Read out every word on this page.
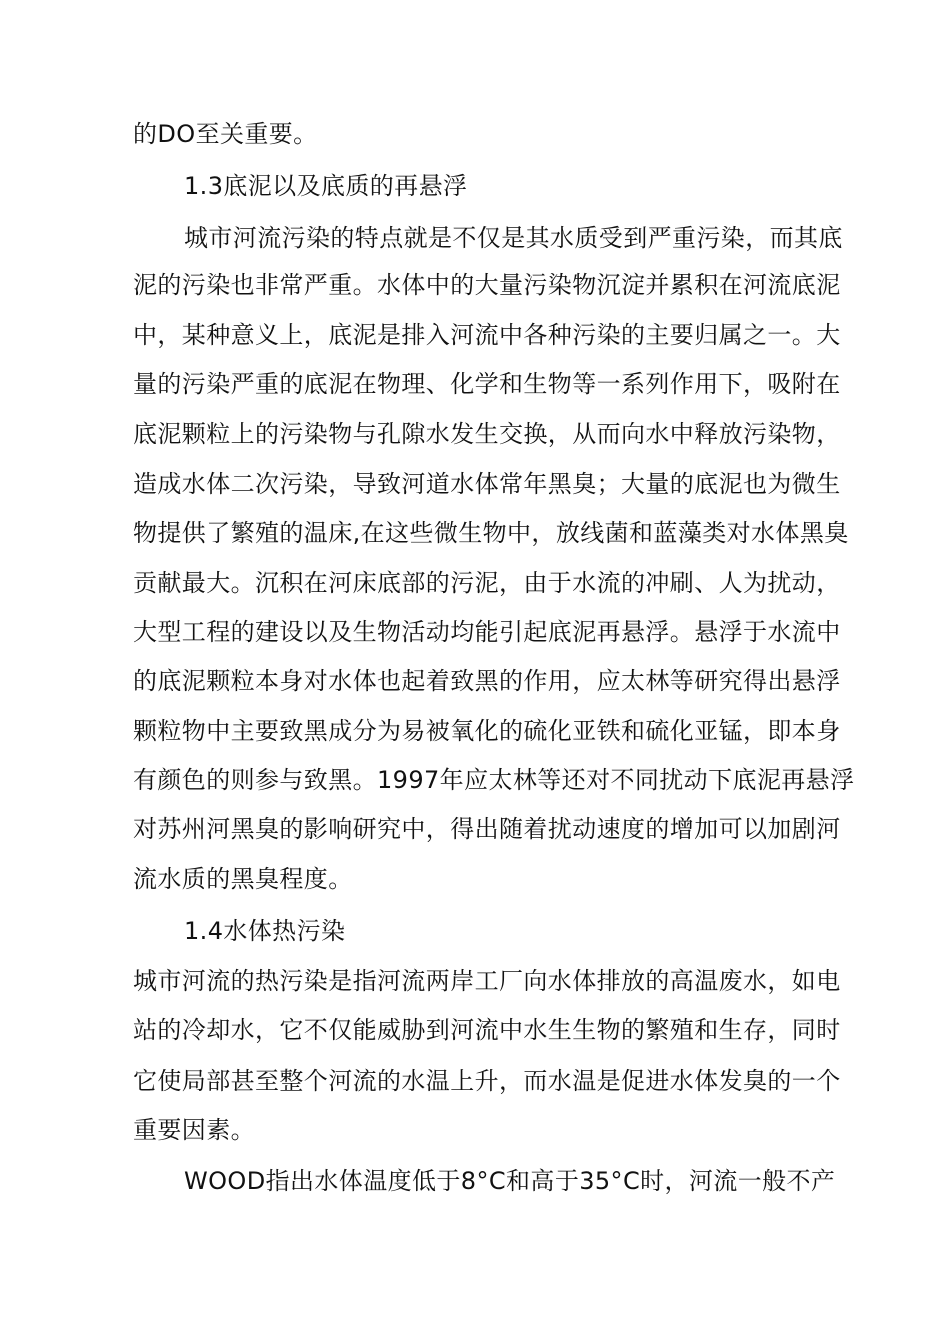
的DO至关重要。
1.3底泥以及底质的再悬浮
城市河流污染的特点就是不仅是其水质受到严重污染，而其底
泥的污染也非常严重。水体中的大量污染物沉淀并累积在河流底泥
中，某种意义上，底泥是排入河流中各种污染的主要归属之一。大
量的污染严重的底泥在物理、化学和生物等一系列作用下，吸附在
底泥颗粒上的污染物与孔隙水发生交换，从而向水中释放污染物，
造成水体二次污染，导致河道水体常年黑臭；大量的底泥也为微生
物提供了繁殖的温床,在这些微生物中，放线菌和蓝藻类对水体黑臭
贡献最大。沉积在河床底部的污泥，由于水流的冲刷、人为扰动，
大型工程的建设以及生物活动均能引起底泥再悬浮。悬浮于水流中
的底泥颗粒本身对水体也起着致黑的作用，应太林等研究得出悬浮
颗粒物中主要致黑成分为易被氧化的硫化亚铁和硫化亚锰，即本身
有颜色的则参与致黑。1997年应太林等还对不同扰动下底泥再悬浮
对苏州河黑臭的影响研究中，得出随着扰动速度的增加可以加剧河
流水质的黑臭程度。
1.4水体热污染
城市河流的热污染是指河流两岸工厂向水体排放的高温废水，如电
站的冷却水，它不仅能威胁到河流中水生生物的繁殖和生存，同时
它使局部甚至整个河流的水温上升，而水温是促进水体发臭的一个
重要因素。
WOOD指出水体温度低于8°C和高于35°C时，河流一般不产
